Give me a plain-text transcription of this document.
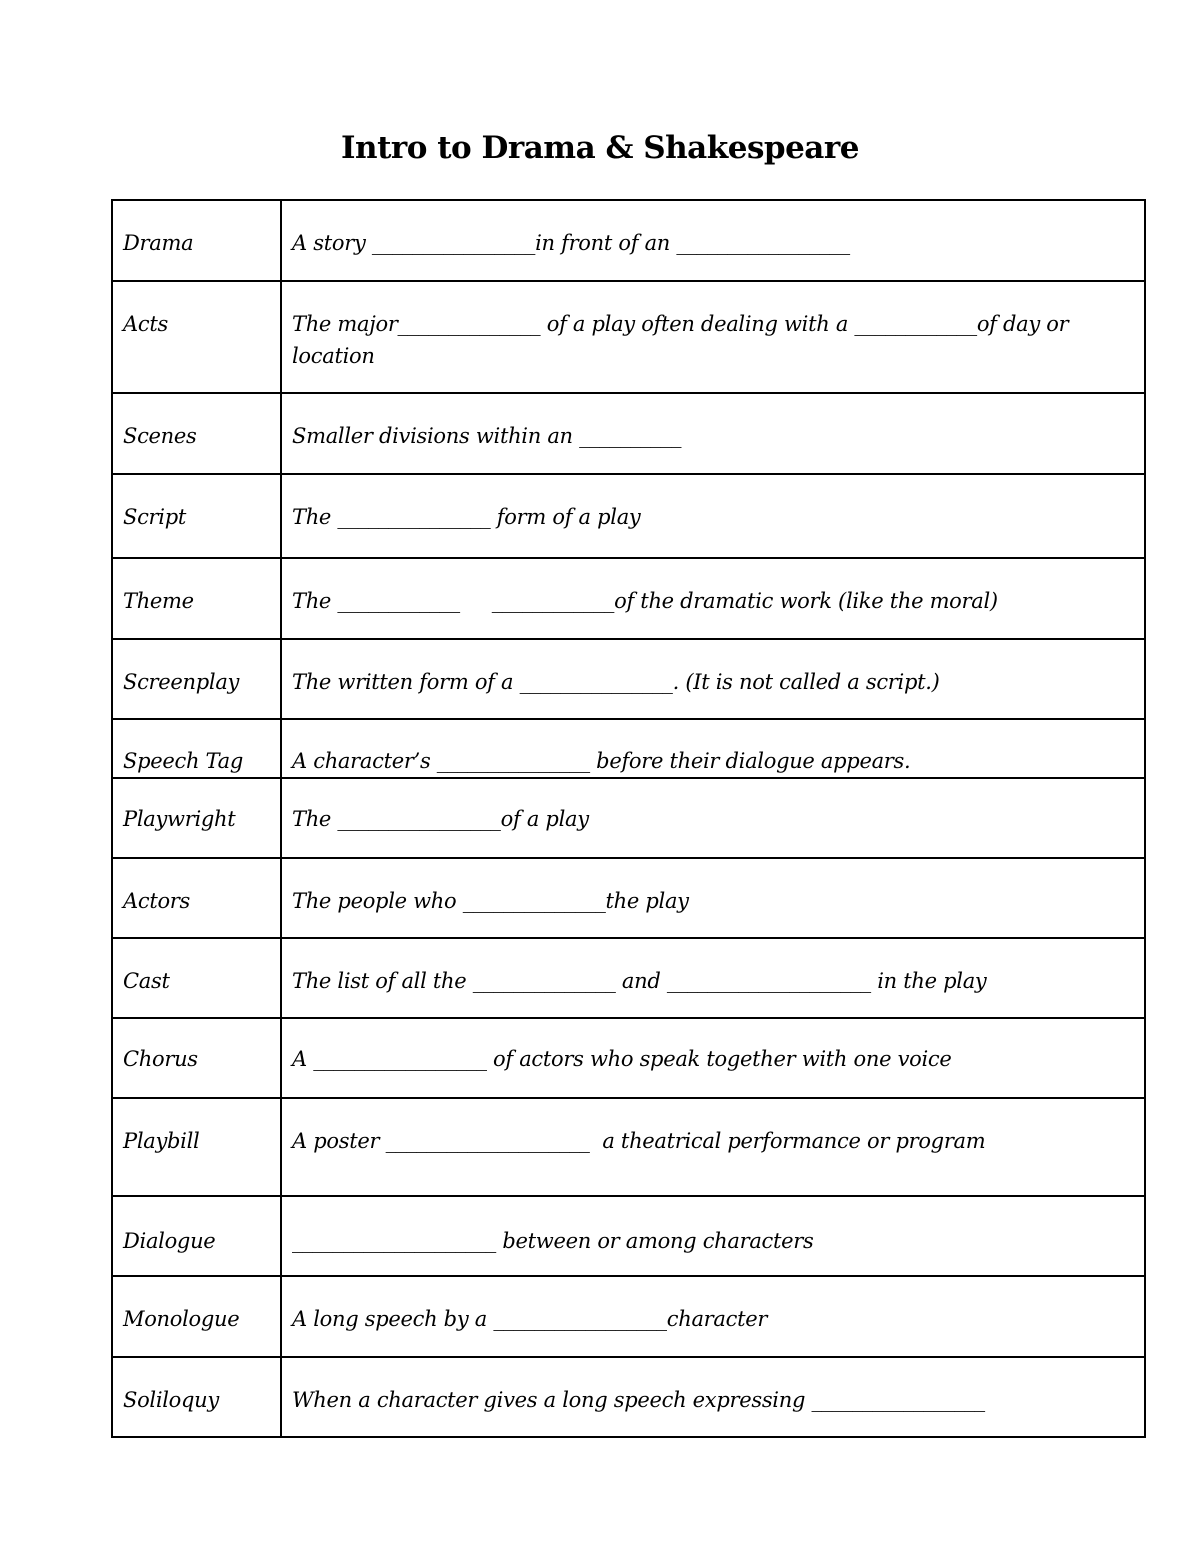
Intro to Drama & Shakespeare
Drama	A story ________________in front of an _________________
Acts	The major______________ of a play often dealing with a ____________of day or location
Scenes	Smaller divisions within an __________
Script	The _______________ form of a play
Theme	The ____________     ____________of the dramatic work (like the moral)
Screenplay	The written form of a _______________. (It is not called a script.)
Speech Tag	A character’s _______________ before their dialogue appears.
Playwright	The ________________of a play
Actors	The people who ______________the play
Cast	The list of all the ______________ and ____________________ in the play
Chorus	A _________________ of actors who speak together with one voice
Playbill	A poster ____________________  a theatrical performance or program
Dialogue	____________________ between or among characters
Monologue	A long speech by a _________________character
Soliloquy	When a character gives a long speech expressing _________________
